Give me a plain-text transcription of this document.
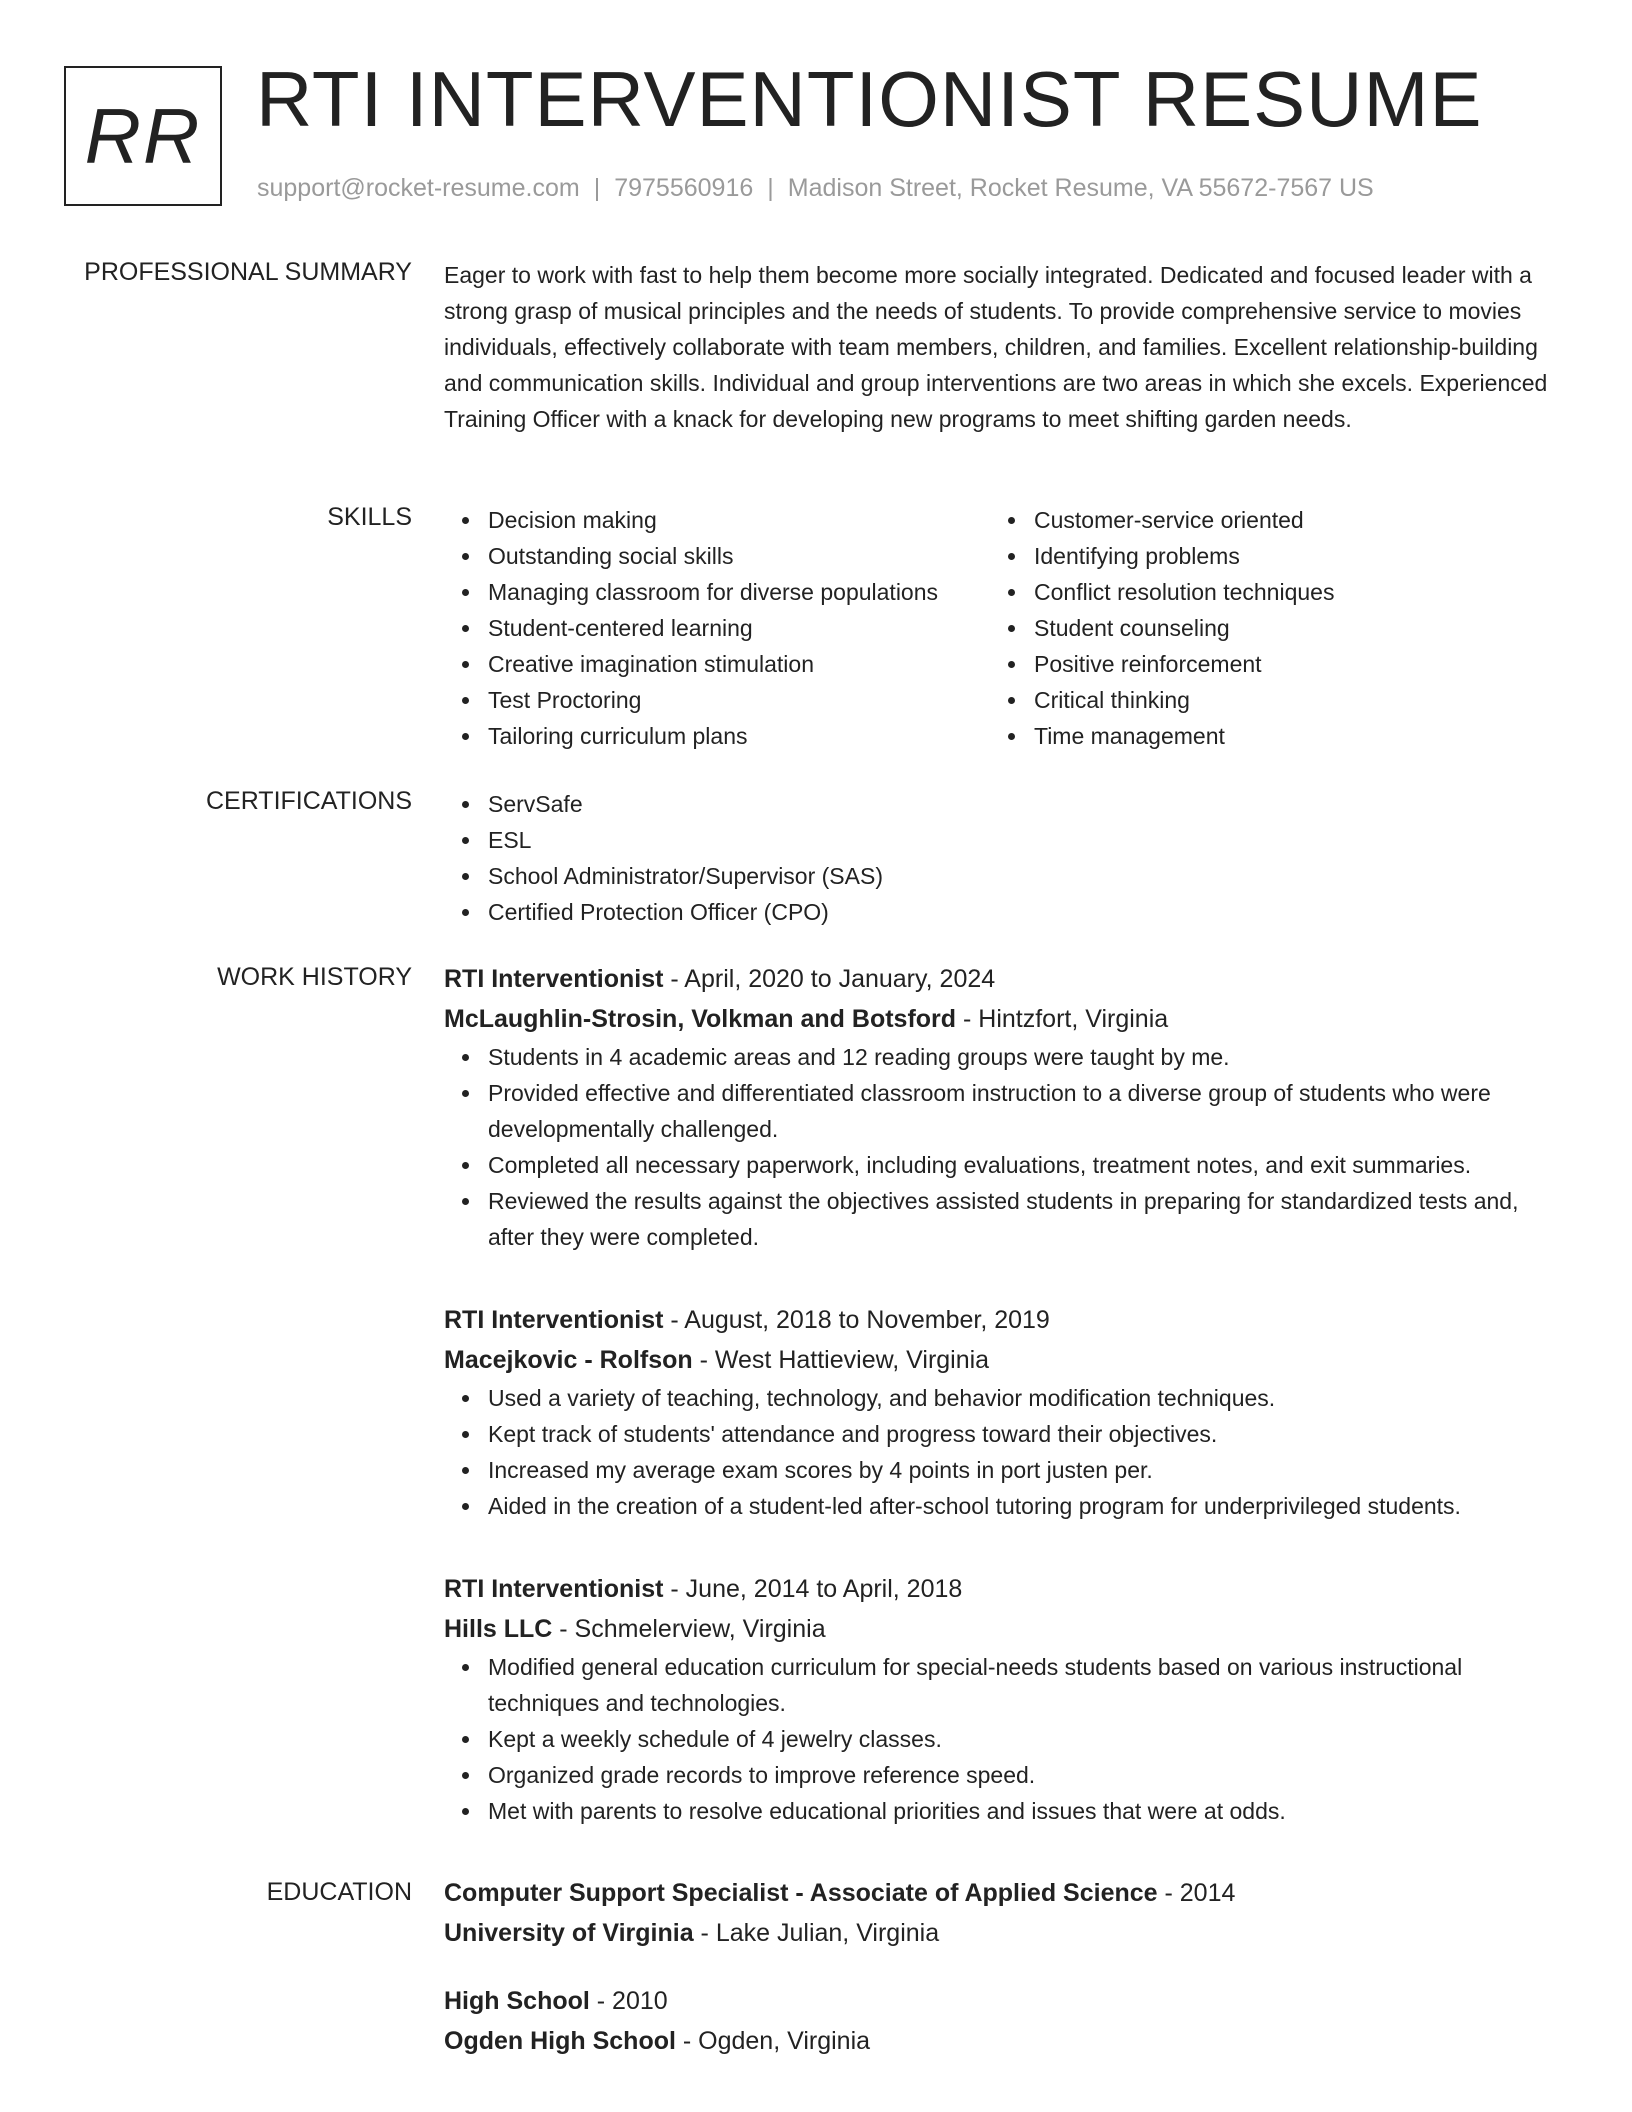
RR RTI INTERVENTIONIST RESUME
support@rocket-resume.com | 7975560916 | Madison Street, Rocket Resume, VA 55672-7567 US
PROFESSIONAL SUMMARY Eager to work with fast to help them become more socially integrated. Dedicated and focused leader with a strong grasp of musical principles and the needs of students. To provide comprehensive service to movies individuals, effectively collaborate with team members, children, and families. Excellent relationship-building and communication skills. Individual and group interventions are two areas in which she excels. Experienced Training Officer with a knack for developing new programs to meet shifting garden needs.
SKILLS	Decision making
Outstanding social skills
Managing classroom for diverse populations
Student-centered learning
Creative imagination stimulation
Test Proctoring
Tailoring curriculum plans
Customer-service oriented
Identifying problems
Conflict resolution techniques
Student counseling
Positive reinforcement
Critical thinking
Time management
CERTIFICATIONS	ServSafe
ESL
School Administrator/Supervisor (SAS)
Certified Protection Officer (CPO)
WORK HISTORY RTI Interventionist - April, 2020 to January, 2024
McLaughlin-Strosin, Volkman and Botsford - Hintzfort, Virginia
Students in 4 academic areas and 12 reading groups were taught by me.
Provided effective and differentiated classroom instruction to a diverse group of students who were developmentally challenged.
Completed all necessary paperwork, including evaluations, treatment notes, and exit summaries.
Reviewed the results against the objectives assisted students in preparing for standardized tests and, after they were completed.
RTI Interventionist - August, 2018 to November, 2019
Macejkovic - Rolfson - West Hattieview, Virginia
Used a variety of teaching, technology, and behavior modification techniques.
Kept track of students' attendance and progress toward their objectives.
Increased my average exam scores by 4 points in port justen per.
Aided in the creation of a student-led after-school tutoring program for underprivileged students.
RTI Interventionist - June, 2014 to April, 2018
Hills LLC - Schmelerview, Virginia
Modified general education curriculum for special-needs students based on various instructional techniques and technologies.
Kept a weekly schedule of 4 jewelry classes.
Organized grade records to improve reference speed.
Met with parents to resolve educational priorities and issues that were at odds.
EDUCATION Computer Support Specialist - Associate of Applied Science - 2014
University of Virginia - Lake Julian, Virginia
High School - 2010
Ogden High School - Ogden, Virginia
